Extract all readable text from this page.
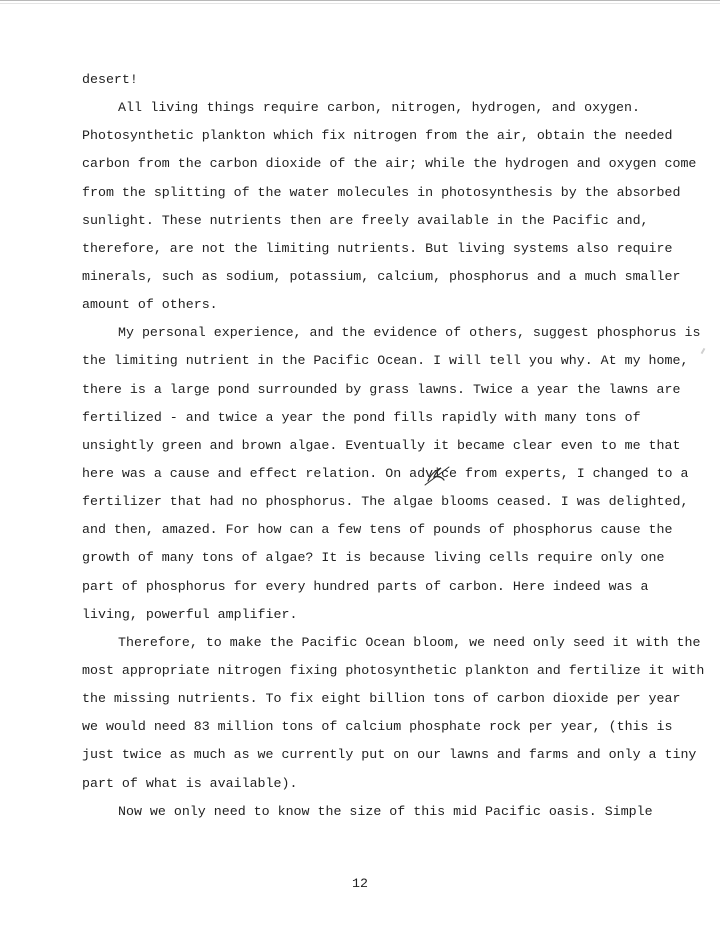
desert!
All living things require carbon, nitrogen, hydrogen, and oxygen.
Photosynthetic plankton which fix nitrogen from the air, obtain the needed
carbon from the carbon dioxide of the air; while the hydrogen and oxygen come
from the splitting of the water molecules in photosynthesis by the absorbed
sunlight. These nutrients then are freely available in the Pacific and,
therefore, are not the limiting nutrients. But living systems also require
minerals, such as sodium, potassium, calcium, phosphorus and a much smaller
amount of others.
My personal experience, and the evidence of others, suggest phosphorus is
the limiting nutrient in the Pacific Ocean. I will tell you why. At my home,
there is a large pond surrounded by grass lawns. Twice a year the lawns are
fertilized - and twice a year the pond fills rapidly with many tons of
unsightly green and brown algae. Eventually it became clear even to me that
here was a cause and effect relation. On advice from experts, I changed to a
fertilizer that had no phosphorus. The algae blooms ceased. I was delighted,
and then, amazed. For how can a few tens of pounds of phosphorus cause the
growth of many tons of algae? It is because living cells require only one
part of phosphorus for every hundred parts of carbon. Here indeed was a
living, powerful amplifier.
Therefore, to make the Pacific Ocean bloom, we need only seed it with the
most appropriate nitrogen fixing photosynthetic plankton and fertilize it with
the missing nutrients. To fix eight billion tons of carbon dioxide per year
we would need 83 million tons of calcium phosphate rock per year, (this is
just twice as much as we currently put on our lawns and farms and only a tiny
part of what is available).
Now we only need to know the size of this mid Pacific oasis. Simple
12
